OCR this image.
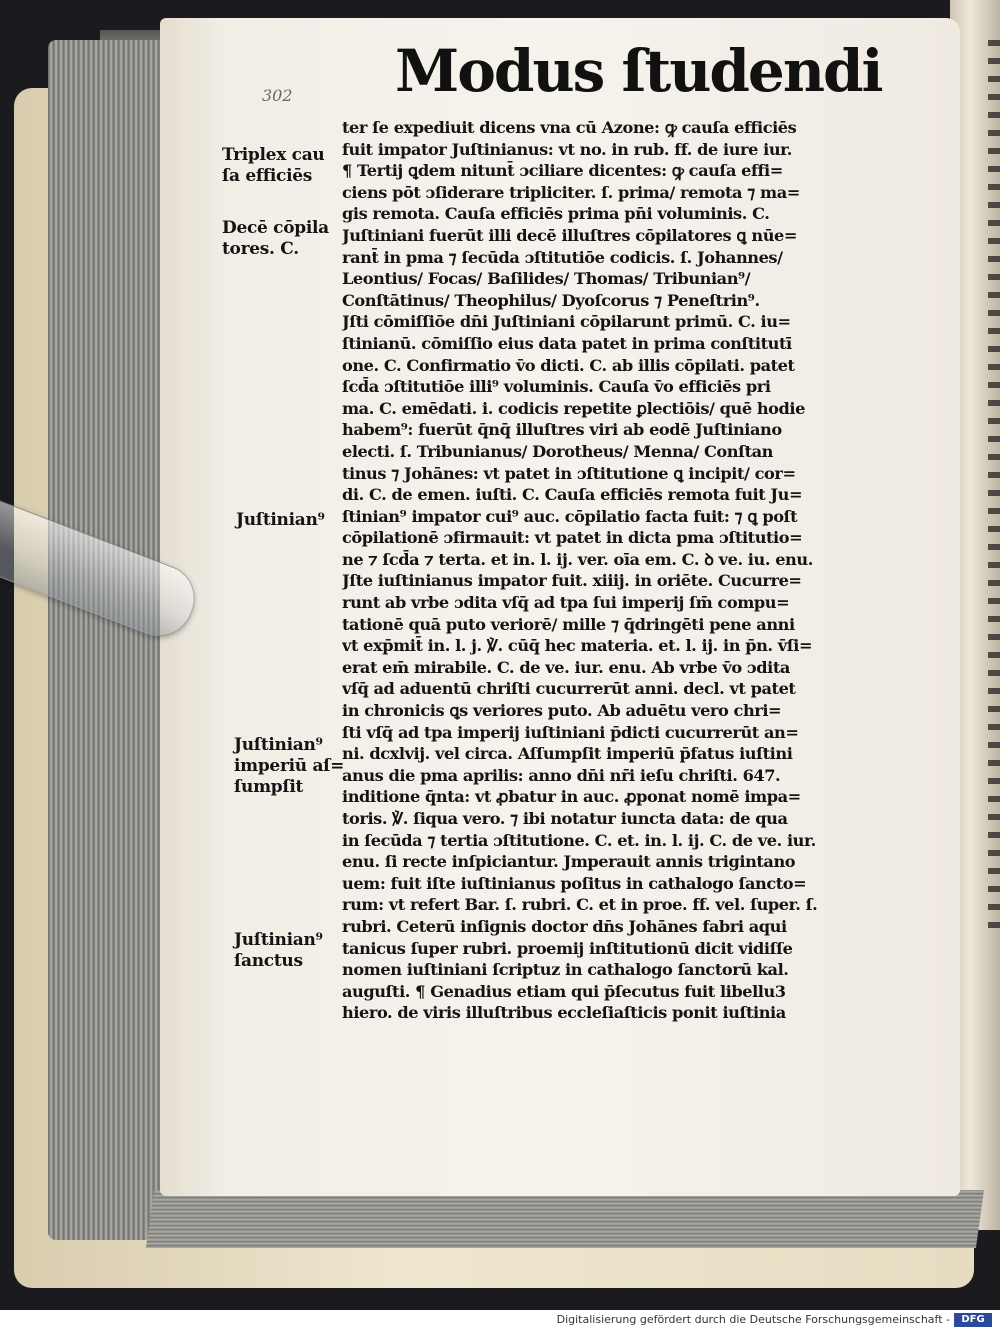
302 Modus ſtudendi
Triplex cau
ſa efficiēs
Decē cōpila
tores. C.
Juſtinian⁹
Juſtinian⁹
imperiū aſ=
ſumpſit
Juſtinian⁹
ſanctus
ter ſe expediuit dicens vna cū Azone: ꝙ cauſa efficiēs
fuit impator Juſtinianus: vt no. in rub. ff. de iure iur.
¶ Tertij ꝗdem nitunt̄ ɔciliare dicentes: ꝙ cauſa effi=
ciens pōt ɔſiderare tripliciter. ſ. prima/ remota ⁊ ma=
gis remota. Cauſa efficiēs prima pn̄i voluminis. C.
Juſtiniani fuerūt illi decē illuſtres cōpilatores ꝗ nūe=
rant̄ in pma ⁊ ſecūda ɔſtitutiōe codicis. ſ. Johannes/
Leontius/ Focas/ Baſilides/ Thomas/ Tribunian⁹/
Conſtātinus/ Theophilus/ Dyoſcorus ⁊ Peneſtrin⁹.
Jſti cōmiſſiōe dn̄i Juſtiniani cōpilarunt primū. C. iu=
ſtinianū. cōmiſſio eius data patet in prima conſtitutī
one. C. Confirmatio v̄o dicti. C. ab illis cōpilati. patet
ſcd̄a ɔſtitutiōe illi⁹ voluminis. Cauſa v̄o efficiēs pri
ma. C. emēdati. i. codicis repetite ꝑlectiōis/ quē hodie
habem⁹: fuerūt q̄nq̄ illuſtres viri ab eodē Juſtiniano
electi. ſ. Tribunianus/ Dorotheus/ Menna/ Conſtan
tinus ⁊ Johānes: vt patet in ɔſtitutione ꝗ incipit/ cor=
di. C. de emen. iuſti. C. Cauſa efficiēs remota fuit Ju=
ſtinian⁹ impator cui⁹ auc. cōpilatio facta fuit: ⁊ ꝗ poſt
cōpilationē ɔfirmauit: vt patet in dicta pma ɔſtitutio=
ne ⁊ ſcd̄a ⁊ terta. et in. l. ij. ver. oīa em. C. ꝺ ve. iu. enu.
Jſte iuſtinianus impator fuit. xiiij. in oriēte. Cucurre=
runt ab vrbe ɔdita vſq̄ ad tpa ſui imperij ſm̄ compu=
tationē quā puto veriorē/ mille ⁊ q̄dringēti pene anni
vt exp̄mit̄ in. l. j. ℣. cūq̄ hec materia. et. l. ij. in p̄n. v̄ſi=
erat em̄ mirabile. C. de ve. iur. enu. Ab vrbe v̄o ɔdita
vſq̄ ad aduentū chriſti cucurrerūt anni. decl. vt patet
in chronicis ꝗs veriores puto. Ab aduētu vero chri=
ſti vſq̄ ad tpa imperij iuſtiniani p̄dicti cucurrerūt an=
ni. dcxlvij. vel circa. Aſſumpſit imperiū p̄fatus iuſtini
anus die pma aprilis: anno dn̄i nr̄i ieſu chriſti. 647.
inditione q̄nta: vt ꝓbatur in auc. ꝓponat nomē impa=
toris. ℣. ſiqua vero. ⁊ ibi notatur iuncta data: de qua
in ſecūda ⁊ tertia ɔſtitutione. C. et. in. l. ij. C. de ve. iur.
enu. ſi recte inſpiciantur. Jmperauit annis trigintano
uem: fuit iſte iuſtinianus poſitus in cathalogo ſancto=
rum: vt refert Bar. ſ. rubri. C. et in proe. ff. vel. ſuper. ſ.
rubri. Ceterū inſignis doctor dn̄s Johānes fabri aqui
tanicus ſuper rubri. proemij inſtitutionū dicit vidiſſe
nomen iuſtiniani ſcriptuz in cathalogo ſanctorū kal.
auguſti. ¶ Genadius etiam qui p̄ſecutus fuit libellu3
hiero. de viris illuſtribus eccleſiaſticis ponit iuſtinia
Digitalisierung gefördert durch die Deutsche Forschungsgemeinschaft -	DFG
